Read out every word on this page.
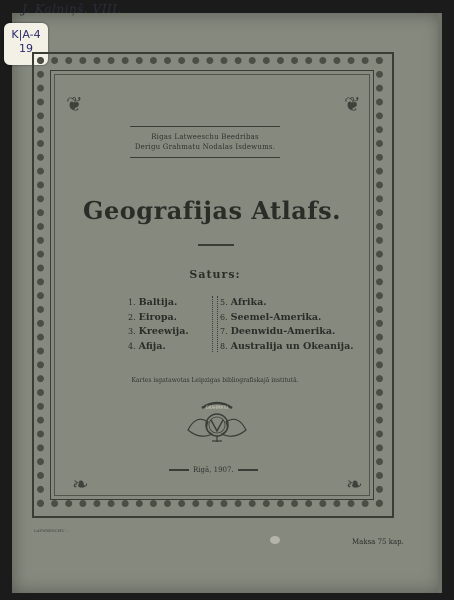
J. Kalniņš. VIII.
K|A-4
19
❦	❦
❧	❧
Rigas Latweeschu Beedribas
Derigu Grahmatu Nodalas Isdewums.
Geografijas Atlafs.
Saturs:
1. Baltija.
2. Eiropa.
3. Kreewija.
4. Afija.
5. Afrika.
6. Seemel-Amerika.
7. Deenwidu-Amerika.
8. Australija un Okeanija.
Kartes isgatawotas Leipzigas bibliografiskajā institutā.
GRAHMATU
Rigā, 1907.
LATWEESCHU ...
Maksa 75 kap.
